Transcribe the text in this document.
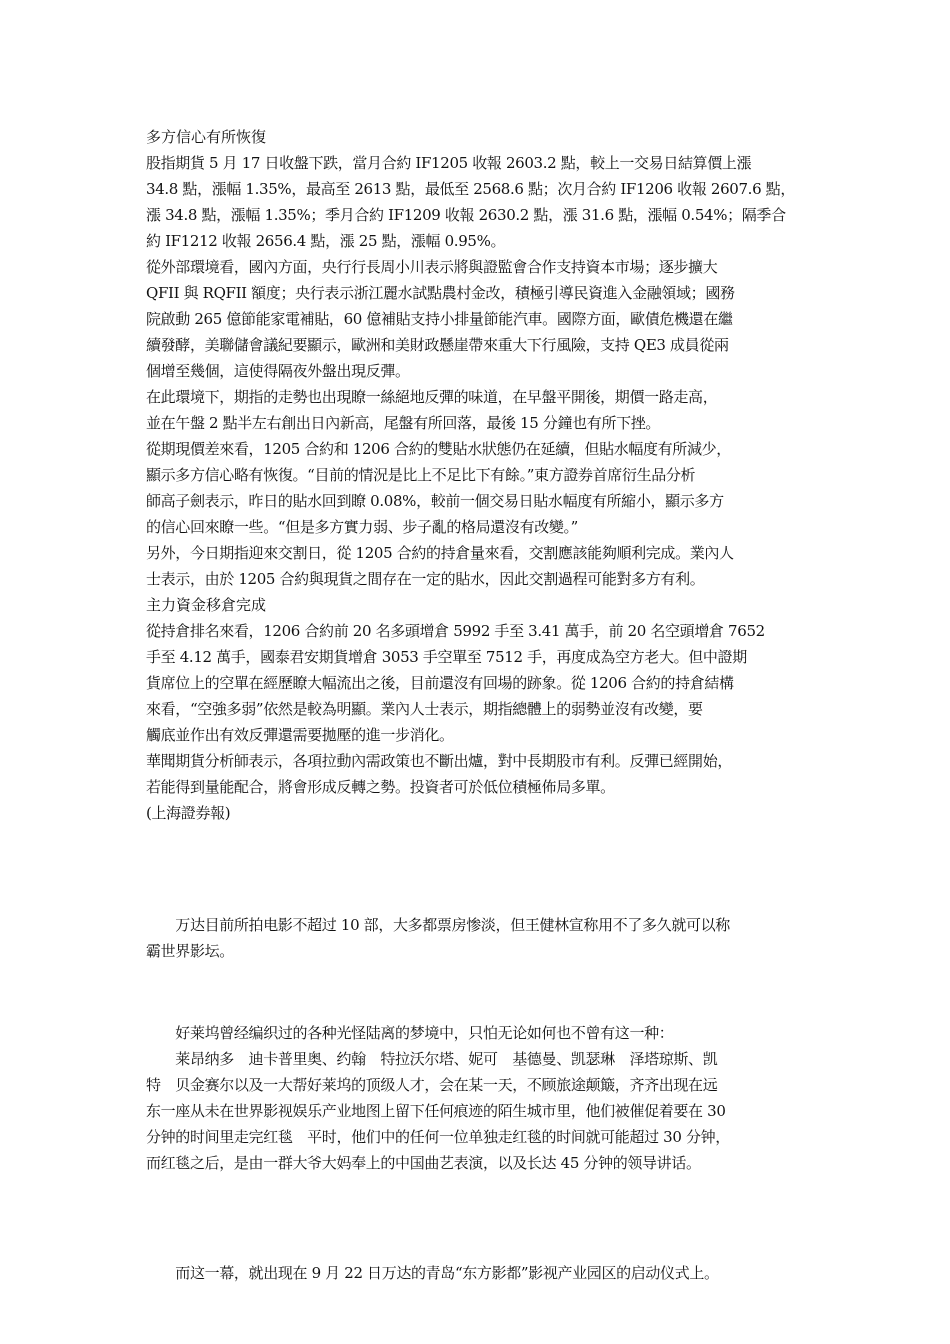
多方信心有所恢復
股指期貨 5 月 17 日收盤下跌，當月合約 IF1205 收報 2603.2 點，較上一交易日結算價上漲
34.8 點，漲幅 1.35%，最高至 2613 點，最低至 2568.6 點；次月合約 IF1206 收報 2607.6 點，
漲 34.8 點，漲幅 1.35%；季月合約 IF1209 收報 2630.2 點，漲 31.6 點，漲幅 0.54%；隔季合
約 IF1212 收報 2656.4 點，漲 25 點，漲幅 0.95%。
從外部環境看，國內方面，央行行長周小川表示將與證監會合作支持資本市場；逐步擴大
QFII 與 RQFII 額度；央行表示浙江麗水試點農村金改，積極引導民資進入金融領域；國務
院啟動 265 億節能家電補貼，60 億補貼支持小排量節能汽車。國際方面，歐債危機還在繼
續發酵，美聯儲會議紀要顯示，歐洲和美財政懸崖帶來重大下行風險，支持 QE3 成員從兩
個增至幾個，這使得隔夜外盤出現反彈。
在此環境下，期指的走勢也出現瞭一絲絕地反彈的味道，在早盤平開後，期價一路走高，
並在午盤 2 點半左右創出日內新高，尾盤有所回落，最後 15 分鐘也有所下挫。
從期現價差來看，1205 合約和 1206 合約的雙貼水狀態仍在延續，但貼水幅度有所減少，
顯示多方信心略有恢復。“目前的情況是比上不足比下有餘。”東方證券首席衍生品分析
師高子劍表示，昨日的貼水回到瞭 0.08%，較前一個交易日貼水幅度有所縮小，顯示多方
的信心回來瞭一些。“但是多方實力弱、步子亂的格局還沒有改變。”
另外，今日期指迎來交割日，從 1205 合約的持倉量來看，交割應該能夠順利完成。業內人
士表示，由於 1205 合約與現貨之間存在一定的貼水，因此交割過程可能對多方有利。
主力資金移倉完成
從持倉排名來看，1206 合約前 20 名多頭增倉 5992 手至 3.41 萬手，前 20 名空頭增倉 7652
手至 4.12 萬手，國泰君安期貨增倉 3053 手空單至 7512 手，再度成為空方老大。但中證期
貨席位上的空單在經歷瞭大幅流出之後，目前還沒有回場的跡象。從 1206 合約的持倉結構
來看，“空強多弱”依然是較為明顯。業內人士表示，期指總體上的弱勢並沒有改變，要
觸底並作出有效反彈還需要拋壓的進一步消化。
華聞期貨分析師表示，各項拉動內需政策也不斷出爐，對中長期股市有利。反彈已經開始，
若能得到量能配合，將會形成反轉之勢。投資者可於低位積極佈局多單。
(上海證券報)
　　万达目前所拍电影不超过 10 部，大多都票房惨淡，但王健林宣称用不了多久就可以称
霸世界影坛。
　　好莱坞曾经编织过的各种光怪陆离的梦境中，只怕无论如何也不曾有这一种：
　　莱昂纳多　迪卡普里奥、约翰　特拉沃尔塔、妮可　基德曼、凯瑟琳　泽塔琼斯、凯
特　贝金赛尔以及一大帮好莱坞的顶级人才，会在某一天，不顾旅途颠簸，齐齐出现在远
东一座从未在世界影视娱乐产业地图上留下任何痕迹的陌生城市里，他们被催促着要在 30
分钟的时间里走完红毯　平时，他们中的任何一位单独走红毯的时间就可能超过 30 分钟，
而红毯之后，是由一群大爷大妈奉上的中国曲艺表演，以及长达 45 分钟的领导讲话。
　　而这一幕，就出现在 9 月 22 日万达的青岛“东方影都”影视产业园区的启动仪式上。
